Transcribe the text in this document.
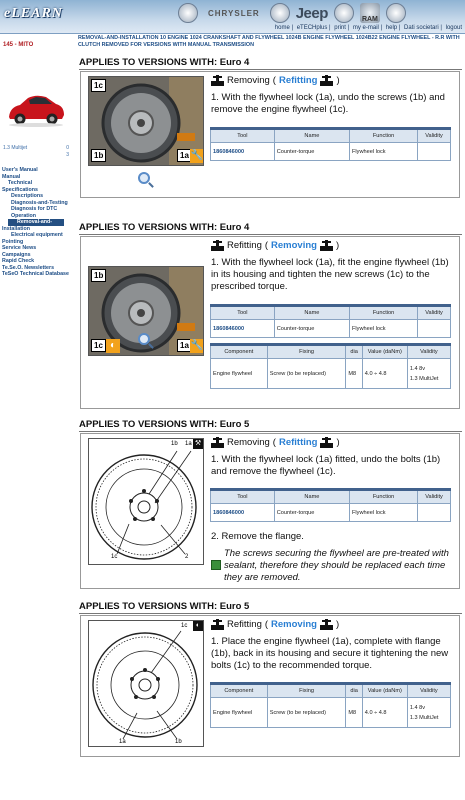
eLEARN	CHRYSLER Jeep	RAM
home | eTECHplus | print | my e-mail | help | Dati societari | logout
145 - MITO
1.3 Multijet	0
3
User's Manual
Manual
Technical
Specifications
Descriptions
Diagnosis-and-Testing
Diagnosis for DTC
Operation
Removal-and-
Installation
Electrical equipment
Pointing
Service News
Campaigns
Rapid Check
Te.Se.O. Newsletters
TeSeO Technical Database
REMOVAL-AND-INSTALLATION 10 ENGINE 1024 CRANKSHAFT AND FLYWHEEL 1024B ENGINE FLYWHEEL 1024B22 ENGINE FLYWHEEL - R.R WITH CLUTCH REMOVED FOR VERSIONS WITH MANUAL TRANSMISSION
APPLIES TO VERSIONS WITH: Euro 4
1c
1b	1a 🔧
Removing ( Refitting )
1. With the flywheel lock (1a), undo the screws (1b) and remove the engine flywheel (1c).
Tool	Name	Function	Validity
1860846000	Counter-torque	Flywheel lock	
APPLIES TO VERSIONS WITH: Euro 4
1b
1c ◐	1a 🔧
Refitting ( Removing )
1. With the flywheel lock (1a), fit the engine flywheel (1b) in its housing and tighten the new screws (1c) to the prescribed torque.
Tool	Name	Function	Validity
1860846000	Counter-torque	Flywheel lock	
Component	Fixing	dia	Value (daNm)	Validity
Engine flywheel	Screw (to be replaced)	M8	4.0 ÷ 4.8	1.4 8v
1.3 MultiJet
APPLIES TO VERSIONS WITH: Euro 5
1b 1a ⚒
1c	2
Removing ( Refitting )
1. With the flywheel lock (1a) fitted, undo the bolts (1b) and remove the flywheel (1c).
Tool	Name	Function	Validity
1860846000	Counter-torque	Flywheel lock	
2. Remove the flange.
The screws securing the flywheel are pre-treated with sealant, therefore they should be replaced each time they are removed.
APPLIES TO VERSIONS WITH: Euro 5
1c	◐
1a	1b
Refitting ( Removing )
1. Place the engine flywheel (1a), complete with flange (1b), back in its housing and secure it tightening the new bolts (1c) to the recommended torque.
Component	Fixing	dia	Value (daNm)	Validity
Engine flywheel	Screw (to be replaced)	M8	4.0 ÷ 4.8	1.4 8v
1.3 MultiJet
